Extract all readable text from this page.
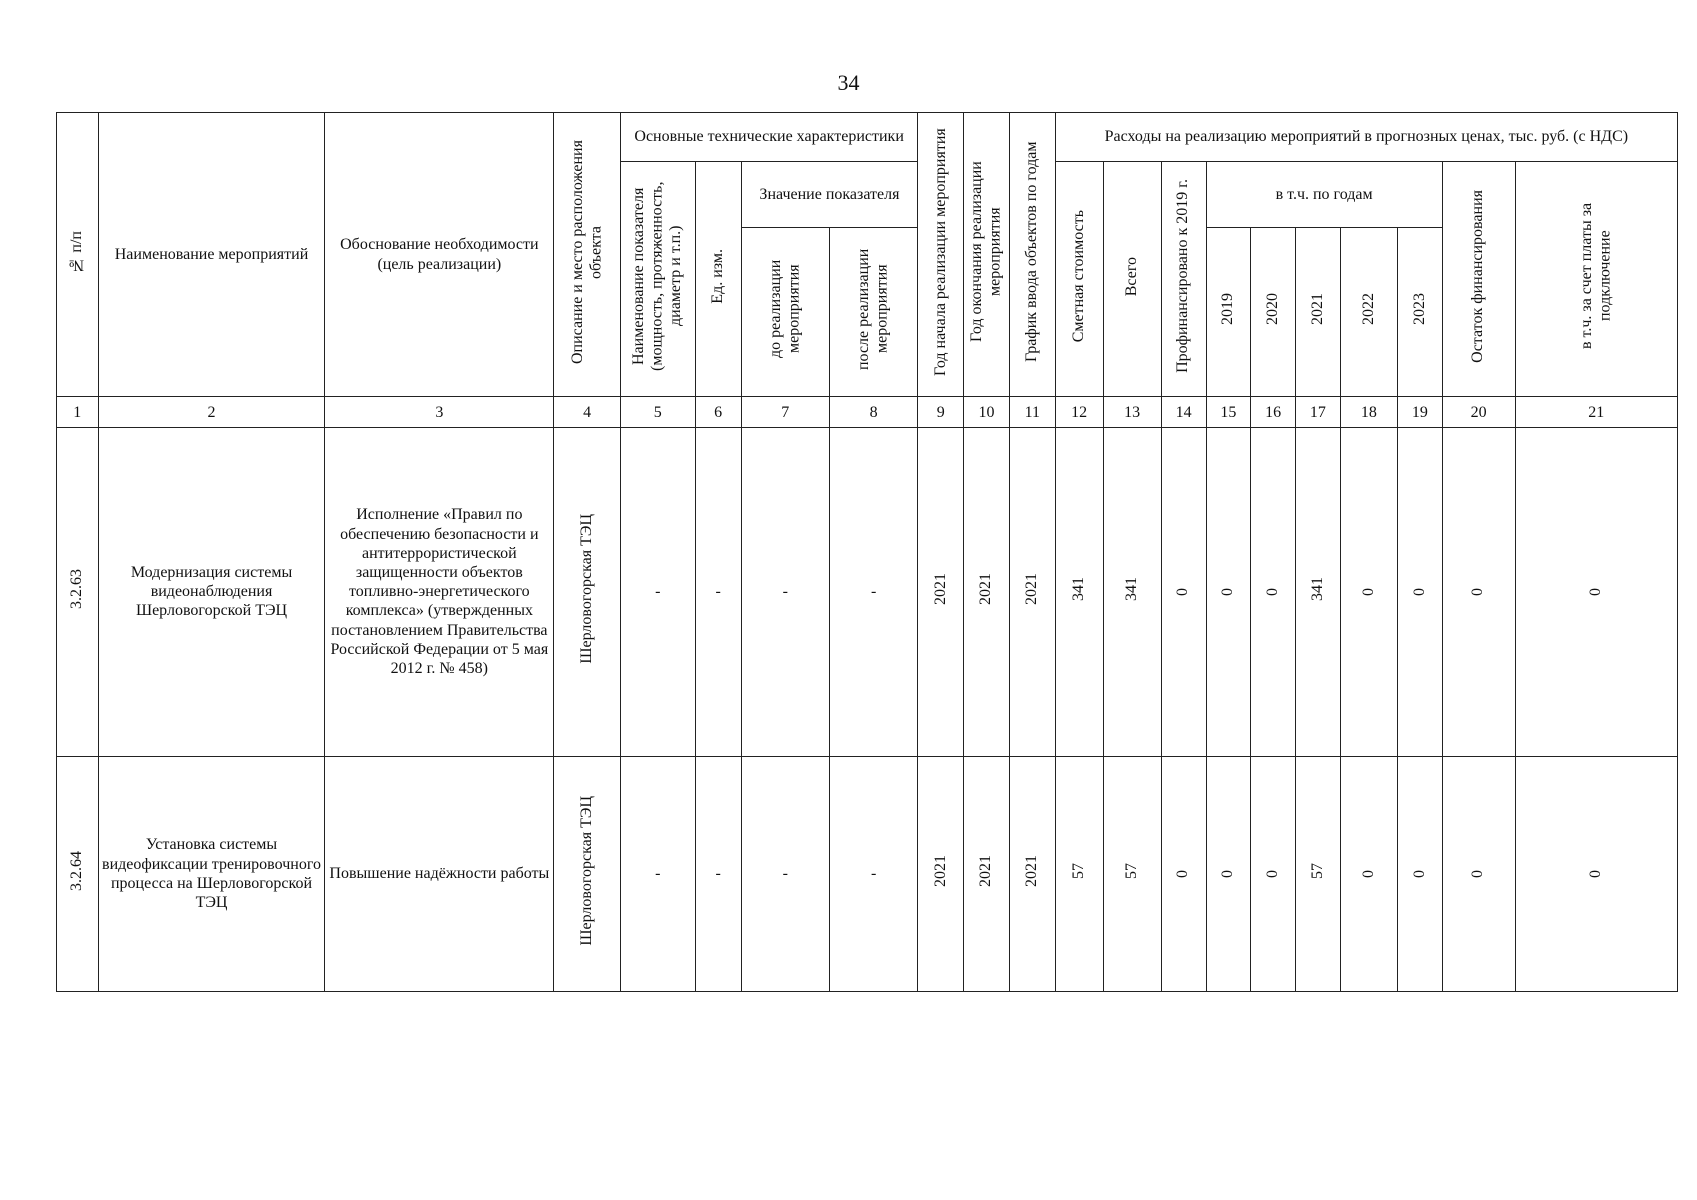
34
№ п/п	Наименование мероприятий	Обоснование необходимости (цель реализации)	Описание и место расположения объекта	Основные технические характеристики				Год начала реализации мероприятия	Год окончания реализации мероприятия	График ввода объектов по годам	Расходы на реализацию мероприятий в прогнозных ценах, тыс. руб. (с НДС)									
				Наименование показателя (мощность, протяженность, диаметр и т.п.)	Ед. изм.	Значение показателя					Сметная стоимость	Всего	Профинансировано к 2019 г.	в т.ч. по годам					Остаток финансирования	в т.ч. за счет платы за подключение
						до реализации мероприятия	после реализации мероприятия							2019	2020	2021	2022	2023		
1	2	3	4	5	6	7	8	9	10	11	12	13	14	15	16	17	18	19	20	21
3.2.63	Модернизация системы видеонаблюдения Шерловогорской ТЭЦ	Исполнение «Правил по обеспечению безопасности и антитеррористической защищенности объектов топливно-энергетического комплекса» (утвержденных постановлением Правительства Российской Федерации от 5 мая 2012 г. № 458)	Шерловогорская ТЭЦ	-	-	-	-	2021	2021	2021	341	341	0	0	0	341	0	0	0	0
3.2.64	Установка системы видеофиксации тренировочного процесса на Шерловогорской ТЭЦ	Повышение надёжности работы	Шерловогорская ТЭЦ	-	-	-	-	2021	2021	2021	57	57	0	0	0	57	0	0	0	0
